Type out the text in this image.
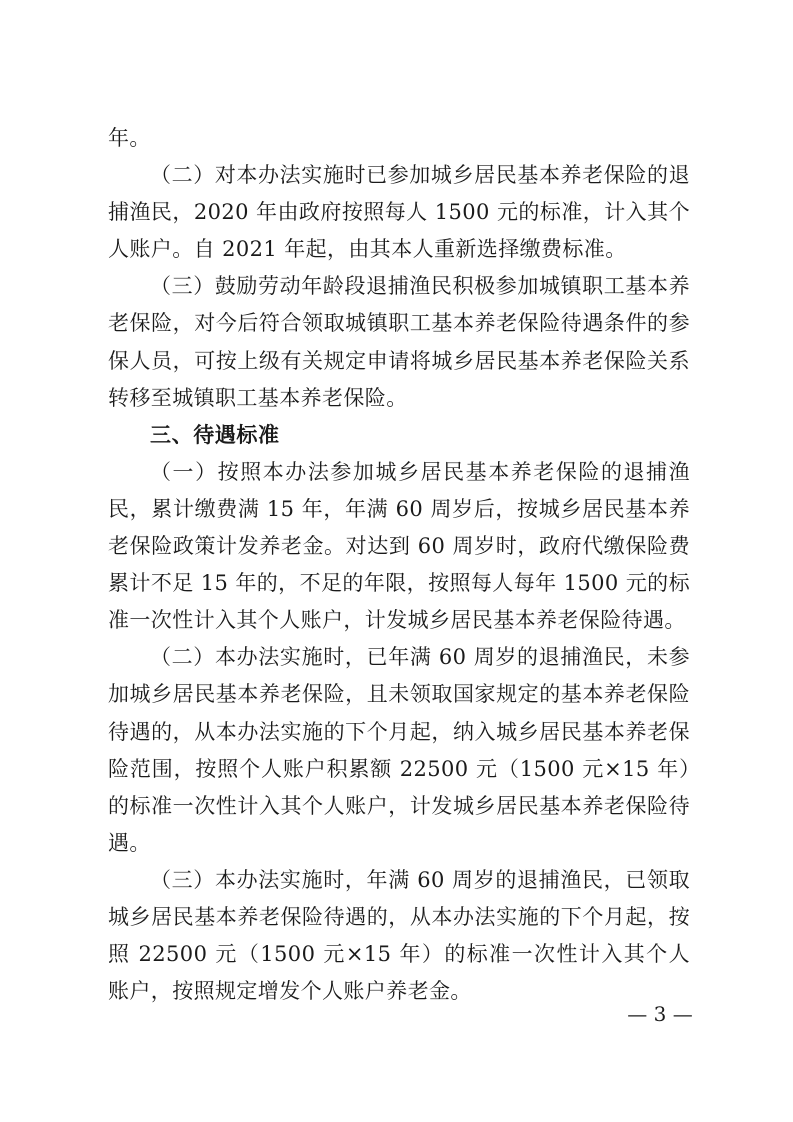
年。

（二）对本办法实施时已参加城乡居民基本养老保险的退捕渔民，2020 年由政府按照每人 1500 元的标准，计入其个人账户。自 2021 年起，由其本人重新选择缴费标准。

（三）鼓励劳动年龄段退捕渔民积极参加城镇职工基本养老保险，对今后符合领取城镇职工基本养老保险待遇条件的参保人员，可按上级有关规定申请将城乡居民基本养老保险关系转移至城镇职工基本养老保险。

三、待遇标准

（一）按照本办法参加城乡居民基本养老保险的退捕渔民，累计缴费满 15 年，年满 60 周岁后，按城乡居民基本养老保险政策计发养老金。对达到 60 周岁时，政府代缴保险费累计不足 15 年的，不足的年限，按照每人每年 1500 元的标准一次性计入其个人账户，计发城乡居民基本养老保险待遇。

（二）本办法实施时，已年满 60 周岁的退捕渔民，未参加城乡居民基本养老保险，且未领取国家规定的基本养老保险待遇的，从本办法实施的下个月起，纳入城乡居民基本养老保险范围，按照个人账户积累额 22500 元（1500 元×15 年）的标准一次性计入其个人账户，计发城乡居民基本养老保险待遇。

（三）本办法实施时，年满 60 周岁的退捕渔民，已领取城乡居民基本养老保险待遇的，从本办法实施的下个月起，按照 22500 元（1500 元×15 年）的标准一次性计入其个人账户，按照规定增发个人账户养老金。

— 3 —
